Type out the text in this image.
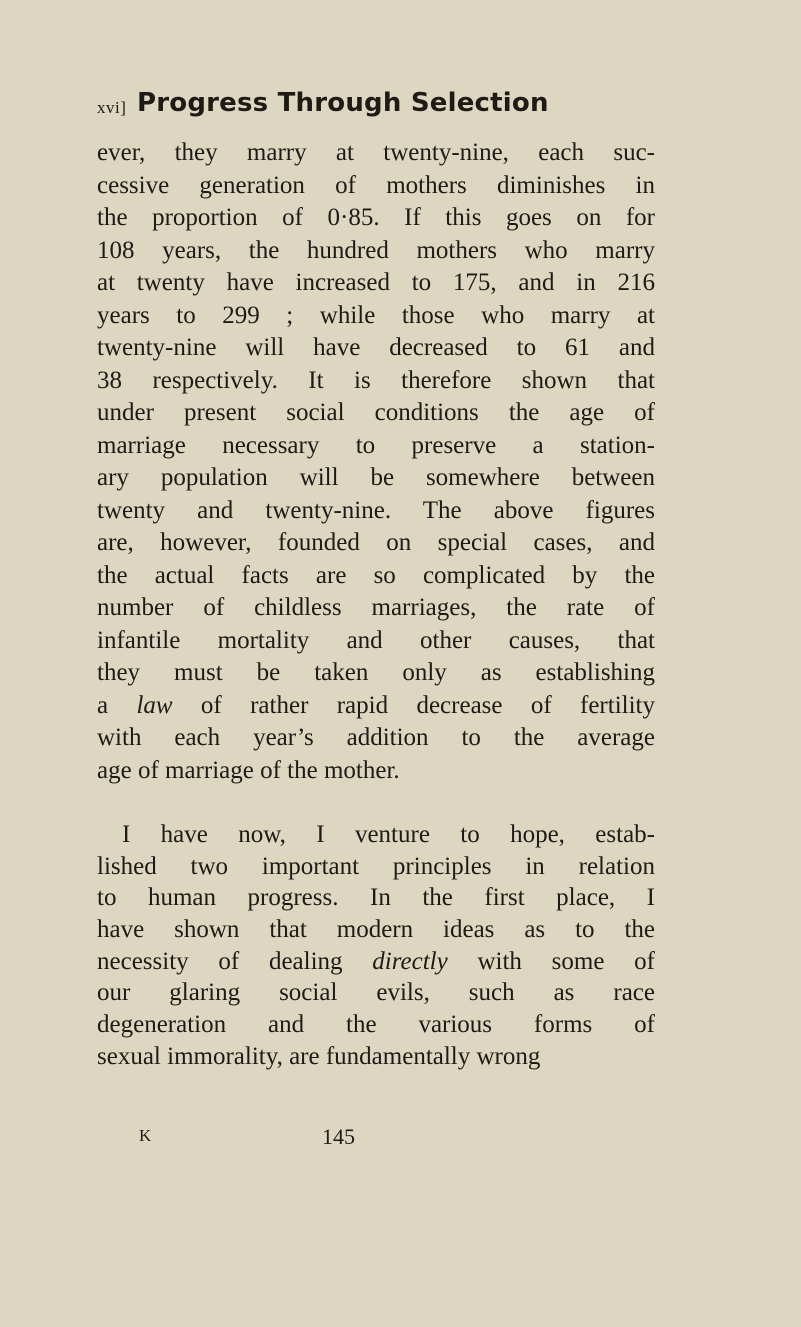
xvi] Progress Through Selection
ever, they marry at twenty-nine, each suc-
cessive generation of mothers diminishes in
the proportion of 0·85. If this goes on for
108 years, the hundred mothers who marry
at twenty have increased to 175, and in 216
years to 299 ; while those who marry at
twenty-nine will have decreased to 61 and
38 respectively. It is therefore shown that
under present social conditions the age of
marriage necessary to preserve a station-
ary population will be somewhere between
twenty and twenty-nine. The above figures
are, however, founded on special cases, and
the actual facts are so complicated by the
number of childless marriages, the rate of
infantile mortality and other causes, that
they must be taken only as establishing
a law of rather rapid decrease of fertility
with each year’s addition to the average
age of marriage of the mother.
I have now, I venture to hope, estab-
lished two important principles in relation
to human progress. In the first place, I
have shown that modern ideas as to the
necessity of dealing directly with some of
our glaring social evils, such as race
degeneration and the various forms of
sexual immorality, are fundamentally wrong
K	145
